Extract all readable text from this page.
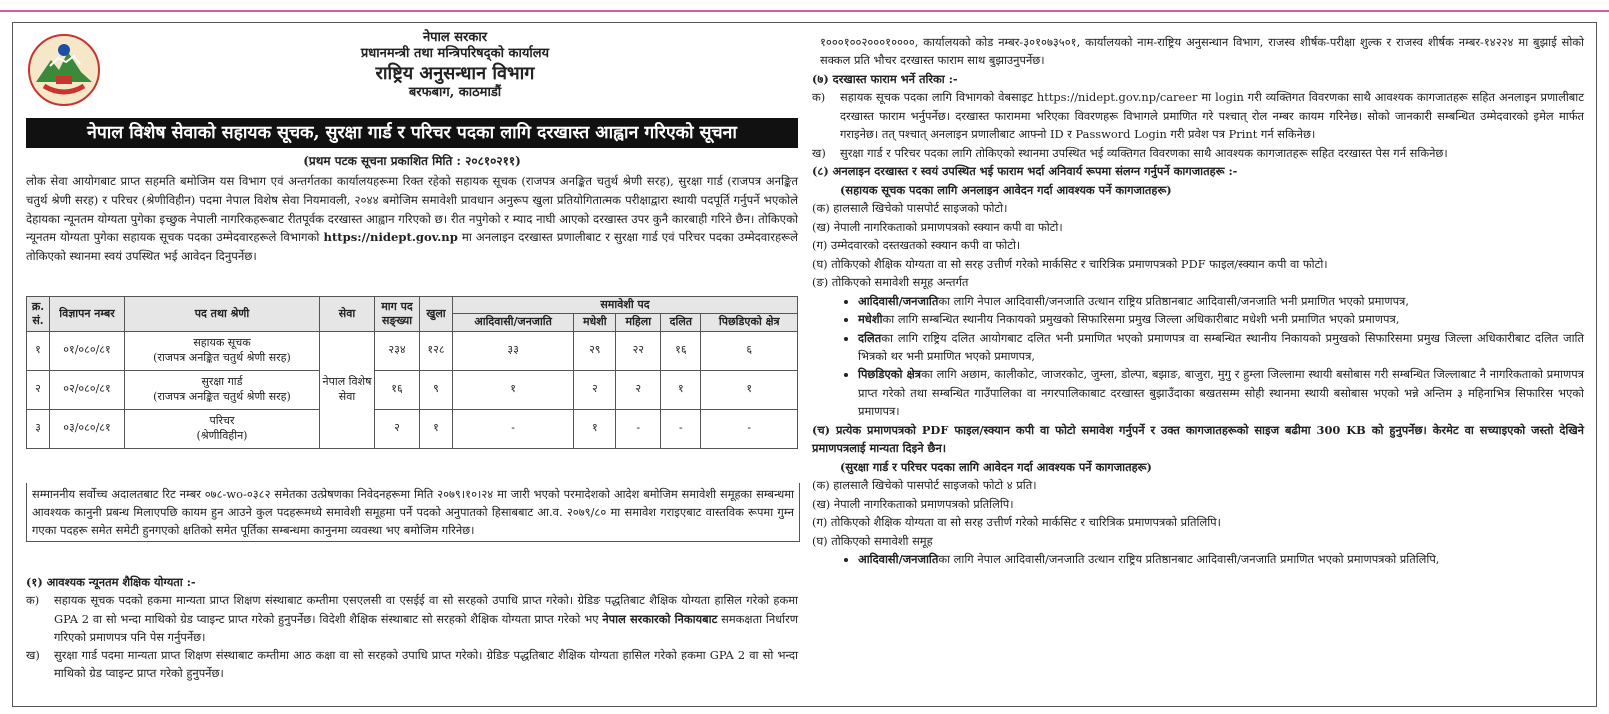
नेपाल सरकार
प्रधानमन्त्री तथा मन्त्रिपरिषद्को कार्यालय
राष्ट्रिय अनुसन्धान विभाग
बरफबाग, काठमाडौं
नेपाल विशेष सेवाको सहायक सूचक, सुरक्षा गार्ड र परिचर पदका लागि दरखास्त आह्वान गरिएको सूचना
(प्रथम पटक सूचना प्रकाशित मिति : २०८१०२११)
लोक सेवा आयोगबाट प्राप्त सहमति बमोजिम यस विभाग एवं अन्तर्गतका कार्यालयहरूमा रिक्त रहेको सहायक सूचक (राजपत्र अनङ्कित चतुर्थ श्रेणी सरह), सुरक्षा गार्ड (राजपत्र अनङ्कित चतुर्थ श्रेणी सरह) र परिचर (श्रेणीविहीन) पदमा नेपाल विशेष सेवा नियमावली, २०४४ बमोजिम समावेशी प्रावधान अनुरूप खुला प्रतियोगितात्मक परीक्षाद्वारा स्थायी पदपूर्ति गर्नुपर्ने भएकोले देहायका न्यूनतम योग्यता पुगेका इच्छुक नेपाली नागरिकहरूबाट रीतपूर्वक दरखास्त आह्वान गरिएको छ। रीत नपुगेको र म्याद नाघी आएको दरखास्त उपर कुनै कारबाही गरिने छैन। तोकिएको न्यूनतम योग्यता पुगेका सहायक सूचक पदका उम्मेदवारहरूले विभागको https://nidept.gov.np मा अनलाइन दरखास्त प्रणालीबाट र सुरक्षा गार्ड एवं परिचर पदका उम्मेदवारहरूले तोकिएको स्थानमा स्वयं उपस्थित भई आवेदन दिनुपर्नेछ।
क्र. सं.	विज्ञापन नम्बर	पद तथा श्रेणी	सेवा	माग पद सङ्ख्या	खुला	समावेशी पद				
						आदिवासी/जनजाति	मधेशी	महिला	दलित	पिछडिएको क्षेत्र
१	०१/०८०/८१	सहायक सूचक
(राजपत्र अनङ्कित चतुर्थ श्रेणी सरह)	नेपाल विशेष सेवा	२३४	१२८	३३	२९	२२	१६	६
२	०२/०८०/८१	सुरक्षा गार्ड
(राजपत्र अनङ्कित चतुर्थ श्रेणी सरह)		१६	९	१	२	२	१	१
३	०३/०८०/८१	परिचर
(श्रेणीविहीन)		२	१	-	१	-	-	-
सम्माननीय सर्वोच्च अदालतबाट रिट नम्बर ०७८-wo-०३८२ समेतका उत्प्रेषणका निवेदनहरूमा मिति २०७९।१०।२४ मा जारी भएको परमादेशको आदेश बमोजिम समावेशी समूहका सम्बन्धमा आवश्यक कानुनी प्रबन्ध मिलाएपछि कायम हुन आउने कुल पदहरूमध्ये समावेशी समूहमा पर्ने पदको अनुपातको हिसाबबाट आ.व. २०७९/८० मा समावेश गराइएबाट वास्तविक रूपमा गुम्न गएका पदहरू समेत समेटी हुनगएको क्षतिको समेत पूर्तिका सम्बन्धमा कानुनमा व्यवस्था भए बमोजिम गरिनेछ।
(१) आवश्यक न्यूनतम शैक्षिक योग्यता :-
क)	सहायक सूचक पदको हकमा मान्यता प्राप्त शिक्षण संस्थाबाट कम्तीमा एसएलसी वा एसईई वा सो सरहको उपाधि प्राप्त गरेको। ग्रेडिङ पद्धतिबाट शैक्षिक योग्यता हासिल गरेको हकमा GPA 2 वा सो भन्दा माथिको ग्रेड प्वाइन्ट प्राप्त गरेको हुनुपर्नेछ। विदेशी शैक्षिक संस्थाबाट सो सरहको शैक्षिक योग्यता प्राप्त गरेको भए नेपाल सरकारको निकायबाट समकक्षता निर्धारण गरिएको प्रमाणपत्र पनि पेस गर्नुपर्नेछ।
ख)	सुरक्षा गार्ड पदमा मान्यता प्राप्त शिक्षण संस्थाबाट कम्तीमा आठ कक्षा वा सो सरहको उपाधि प्राप्त गरेको। ग्रेडिङ पद्धतिबाट शैक्षिक योग्यता हासिल गरेको हकमा GPA 2 वा सो भन्दा माथिको ग्रेड प्वाइन्ट प्राप्त गरेको हुनुपर्नेछ।
१०००१००२०००१००००, कार्यालयको कोड नम्बर-३०१०७३५०१, कार्यालयको नाम-राष्ट्रिय अनुसन्धान विभाग, राजस्व शीर्षक-परीक्षा शुल्क र राजस्व शीर्षक नम्बर-१४२२४ मा बुझाई सोको सक्कल प्रति भौचर दरखास्त फाराम साथ बुझाउनुपर्नेछ।
(७) दरखास्त फाराम भर्ने तरिका :-
क)	सहायक सूचक पदका लागि विभागको वेबसाइट https://nidept.gov.np/career मा login गरी व्यक्तिगत विवरणका साथै आवश्यक कागजातहरू सहित अनलाइन प्रणालीबाट दरखास्त फाराम भर्नुपर्नेछ। दरखास्त फाराममा भरिएका विवरणहरू विभागले प्रमाणित गरे पश्चात् रोल नम्बर कायम गरिनेछ। सोको जानकारी सम्बन्धित उम्मेदवारको इमेल मार्फत गराइनेछ। तत् पश्चात् अनलाइन प्रणालीबाट आफ्नो ID र Password Login गरी प्रवेश पत्र Print गर्न सकिनेछ।
ख)	सुरक्षा गार्ड र परिचर पदका लागि तोकिएको स्थानमा उपस्थित भई व्यक्तिगत विवरणका साथै आवश्यक कागजातहरू सहित दरखास्त पेस गर्न सकिनेछ।
(८) अनलाइन दरखास्त र स्वयं उपस्थित भई फाराम भर्दा अनिवार्य रूपमा संलग्न गर्नुपर्ने कागजातहरू :-
(सहायक सूचक पदका लागि अनलाइन आवेदन गर्दा आवश्यक पर्ने कागजातहरू)
(क) हालसालै खिचेको पासपोर्ट साइजको फोटो।
(ख) नेपाली नागरिकताको प्रमाणपत्रको स्क्यान कपी वा फोटो।
(ग) उम्मेदवारको दस्तखतको स्क्यान कपी वा फोटो।
(घ) तोकिएको शैक्षिक योग्यता वा सो सरह उत्तीर्ण गरेको मार्कसिट र चारित्रिक प्रमाणपत्रको PDF फाइल/स्क्यान कपी वा फोटो।
(ङ) तोकिएको समावेशी समूह अन्तर्गत
• आदिवासी/जनजातिका लागि नेपाल आदिवासी/जनजाति उत्थान राष्ट्रिय प्रतिष्ठानबाट आदिवासी/जनजाति भनी प्रमाणित भएको प्रमाणपत्र,
• मधेशीका लागि सम्बन्धित स्थानीय निकायको प्रमुखको सिफारिसमा प्रमुख जिल्ला अधिकारीबाट मधेशी भनी प्रमाणित भएको प्रमाणपत्र,
• दलितका लागि राष्ट्रिय दलित आयोगबाट दलित भनी प्रमाणित भएको प्रमाणपत्र वा सम्बन्धित स्थानीय निकायको प्रमुखको सिफारिसमा प्रमुख जिल्ला अधिकारीबाट दलित जाति भित्रको थर भनी प्रमाणित भएको प्रमाणपत्र,
• पिछडिएको क्षेत्रका लागि अछाम, कालीकोट, जाजरकोट, जुम्ला, डोल्पा, बझाङ, बाजुरा, मुगु र हुम्ला जिल्लामा स्थायी बसोबास गरी सम्बन्धित जिल्लाबाट नै नागरिकताको प्रमाणपत्र प्राप्त गरेको तथा सम्बन्धित गाउँपालिका वा नगरपालिकाबाट दरखास्त बुझाउँदाका बखतसम्म सोही स्थानमा स्थायी बसोबास भएको भन्ने अन्तिम ३ महिनाभित्र सिफारिस भएको प्रमाणपत्र।
(च) प्रत्येक प्रमाणपत्रको PDF फाइल/स्क्यान कपी वा फोटो समावेश गर्नुपर्ने र उक्त कागजातहरूको साइज बढीमा 300 KB को हुनुपर्नेछ। केरमेट वा सच्याइएको जस्तो देखिने प्रमाणपत्रलाई मान्यता दिइने छैन।
(सुरक्षा गार्ड र परिचर पदका लागि आवेदन गर्दा आवश्यक पर्ने कागजातहरू)
(क) हालसालै खिचेको पासपोर्ट साइजको फोटो ४ प्रति।
(ख) नेपाली नागरिकताको प्रमाणपत्रको प्रतिलिपि।
(ग) तोकिएको शैक्षिक योग्यता वा सो सरह उत्तीर्ण गरेको मार्कसिट र चारित्रिक प्रमाणपत्रको प्रतिलिपि।
(घ) तोकिएको समावेशी समूह
• आदिवासी/जनजातिका लागि नेपाल आदिवासी/जनजाति उत्थान राष्ट्रिय प्रतिष्ठानबाट आदिवासी/जनजाति प्रमाणित भएको प्रमाणपत्रको प्रतिलिपि,
